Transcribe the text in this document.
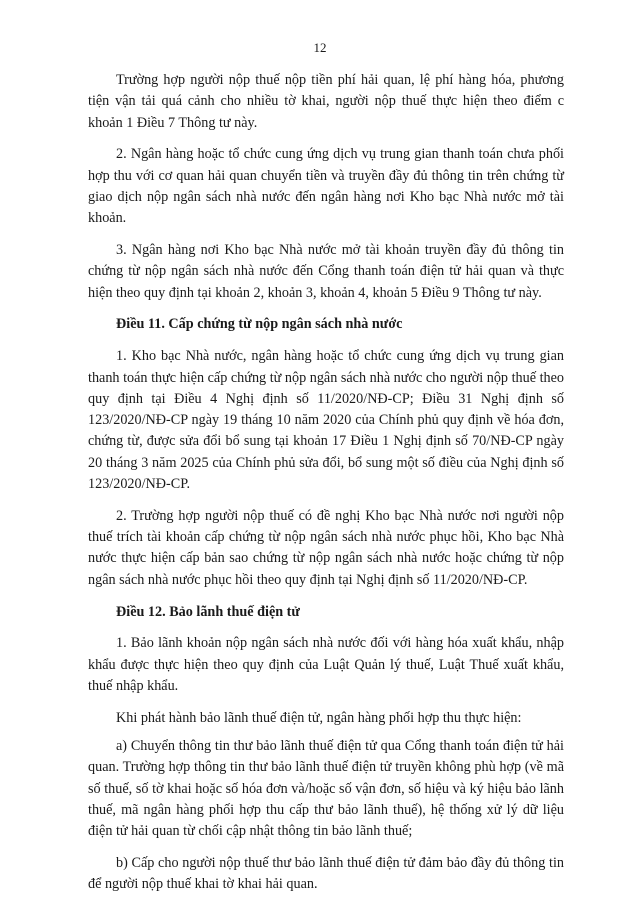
12

Trường hợp người nộp thuế nộp tiền phí hải quan, lệ phí hàng hóa, phương tiện vận tải quá cảnh cho nhiều tờ khai, người nộp thuế thực hiện theo điểm c khoản 1 Điều 7 Thông tư này.

2. Ngân hàng hoặc tổ chức cung ứng dịch vụ trung gian thanh toán chưa phối hợp thu với cơ quan hải quan chuyển tiền và truyền đầy đủ thông tin trên chứng từ giao dịch nộp ngân sách nhà nước đến ngân hàng nơi Kho bạc Nhà nước mở tài khoản.

3. Ngân hàng nơi Kho bạc Nhà nước mở tài khoản truyền đầy đủ thông tin chứng từ nộp ngân sách nhà nước đến Cổng thanh toán điện tử hải quan và thực hiện theo quy định tại khoản 2, khoản 3, khoản 4, khoản 5 Điều 9 Thông tư này.

Điều 11. Cấp chứng từ nộp ngân sách nhà nước

1. Kho bạc Nhà nước, ngân hàng hoặc tổ chức cung ứng dịch vụ trung gian thanh toán thực hiện cấp chứng từ nộp ngân sách nhà nước cho người nộp thuế theo quy định tại Điều 4 Nghị định số 11/2020/NĐ-CP; Điều 31 Nghị định số 123/2020/NĐ-CP ngày 19 tháng 10 năm 2020 của Chính phủ quy định về hóa đơn, chứng từ, được sửa đổi bổ sung tại khoản 17 Điều 1 Nghị định số 70/NĐ-CP ngày 20 tháng 3 năm 2025 của Chính phủ sửa đổi, bổ sung một số điều của Nghị định số 123/2020/NĐ-CP.

2. Trường hợp người nộp thuế có đề nghị Kho bạc Nhà nước nơi người nộp thuế trích tài khoản cấp chứng từ nộp ngân sách nhà nước phục hồi, Kho bạc Nhà nước thực hiện cấp bản sao chứng từ nộp ngân sách nhà nước hoặc chứng từ nộp ngân sách nhà nước phục hồi theo quy định tại Nghị định số 11/2020/NĐ-CP.

Điều 12. Bảo lãnh thuế điện tử

1. Bảo lãnh khoản nộp ngân sách nhà nước đối với hàng hóa xuất khẩu, nhập khẩu được thực hiện theo quy định của Luật Quản lý thuế, Luật Thuế xuất khẩu, thuế nhập khẩu.

Khi phát hành bảo lãnh thuế điện tử, ngân hàng phối hợp thu thực hiện:

a) Chuyển thông tin thư bảo lãnh thuế điện tử qua Cổng thanh toán điện tử hải quan. Trường hợp thông tin thư bảo lãnh thuế điện tử truyền không phù hợp (về mã số thuế, số tờ khai hoặc số hóa đơn và/hoặc số vận đơn, số hiệu và ký hiệu bảo lãnh thuế, mã ngân hàng phối hợp thu cấp thư bảo lãnh thuế), hệ thống xử lý dữ liệu điện tử hải quan từ chối cập nhật thông tin bảo lãnh thuế;

b) Cấp cho người nộp thuế thư bảo lãnh thuế điện tử đảm bảo đầy đủ thông tin để người nộp thuế khai tờ khai hải quan.
